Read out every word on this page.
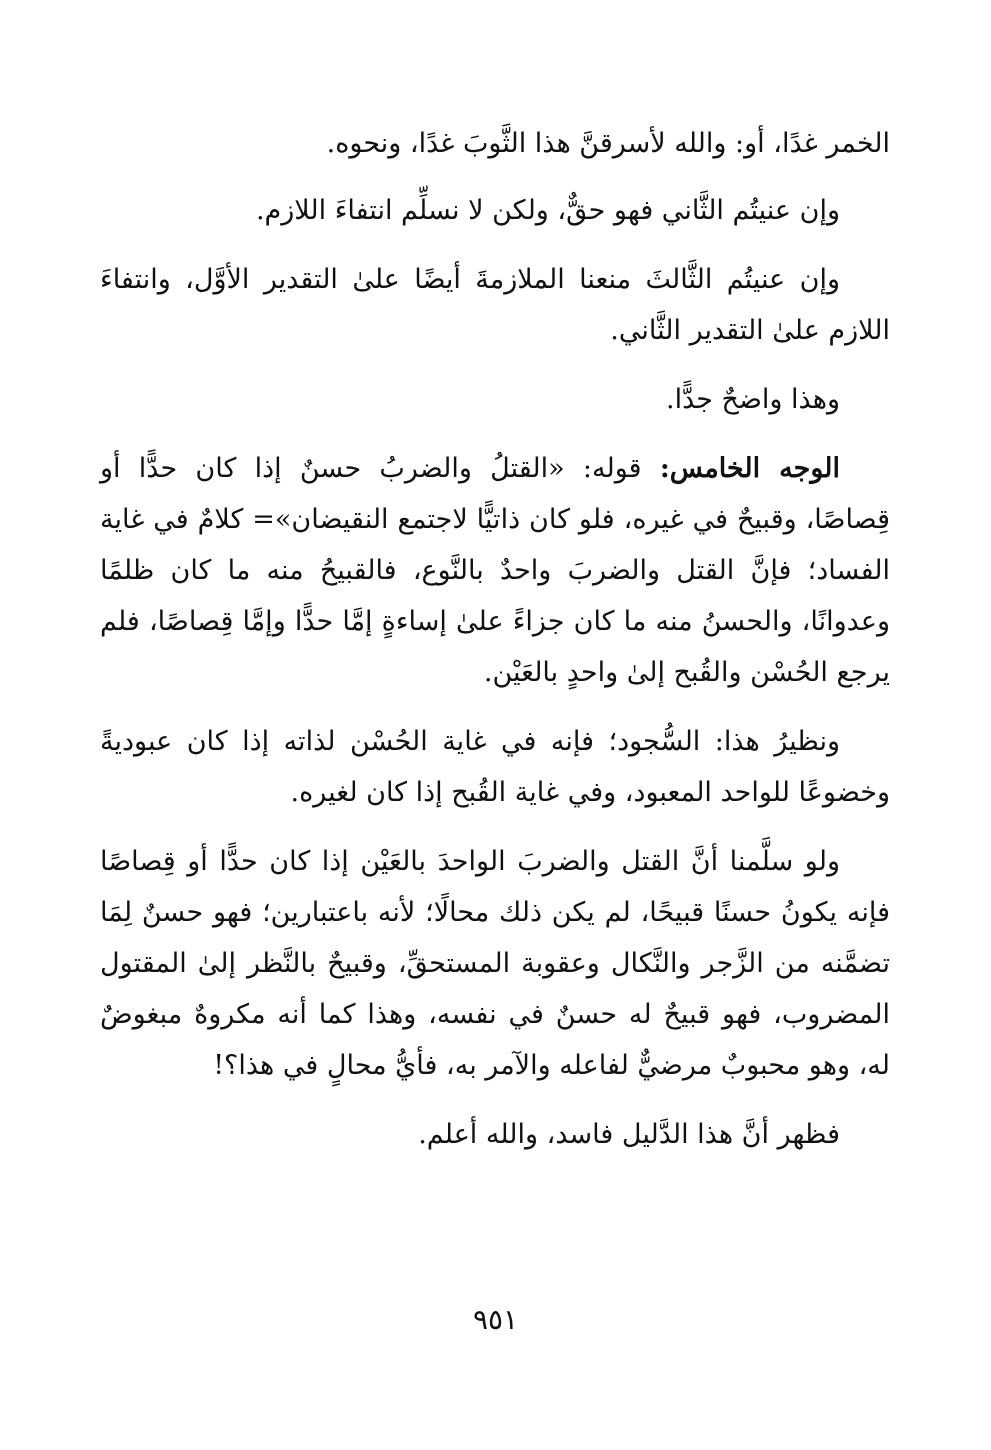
الخمر غدًا، أو: والله لأسرقنَّ هذا الثَّوبَ غدًا، ونحوه.

وإن عنيتُم الثَّاني فهو حقٌّ، ولكن لا نسلِّم انتفاءَ اللازم.

وإن عنيتُم الثَّالثَ منعنا الملازمةَ أيضًا علىٰ التقدير الأوَّل، وانتفاءَ اللازم علىٰ التقدير الثَّاني.

وهذا واضحٌ جدًّا.

الوجه الخامس: قوله: «القتلُ والضربُ حسنٌ إذا كان حدًّا أو قِصاصًا، وقبيحٌ في غيره، فلو كان ذاتيًّا لاجتمع النقيضان»= كلامٌ في غاية الفساد؛ فإنَّ القتل والضربَ واحدٌ بالنَّوع، فالقبيحُ منه ما كان ظلمًا وعدوانًا، والحسنُ منه ما كان جزاءً علىٰ إساءةٍ إمَّا حدًّا وإمَّا قِصاصًا، فلم يرجع الحُسْن والقُبح إلىٰ واحدٍ بالعَيْن.

ونظيرُ هذا: السُّجود؛ فإنه في غاية الحُسْن لذاته إذا كان عبوديةً وخضوعًا للواحد المعبود، وفي غاية القُبح إذا كان لغيره.

ولو سلَّمنا أنَّ القتل والضربَ الواحدَ بالعَيْن إذا كان حدًّا أو قِصاصًا فإنه يكونُ حسنًا قبيحًا، لم يكن ذلك محالًا؛ لأنه باعتبارين؛ فهو حسنٌ لِمَا تضمَّنه من الزَّجر والنَّكال وعقوبة المستحقِّ، وقبيحٌ بالنَّظر إلىٰ المقتول المضروب، فهو قبيحٌ له حسنٌ في نفسه، وهذا كما أنه مكروهٌ مبغوضٌ له، وهو محبوبٌ مرضيٌّ لفاعله والآمر به، فأيُّ محالٍ في هذا؟!

فظهر أنَّ هذا الدَّليل فاسد، والله أعلم.

٩٥١
